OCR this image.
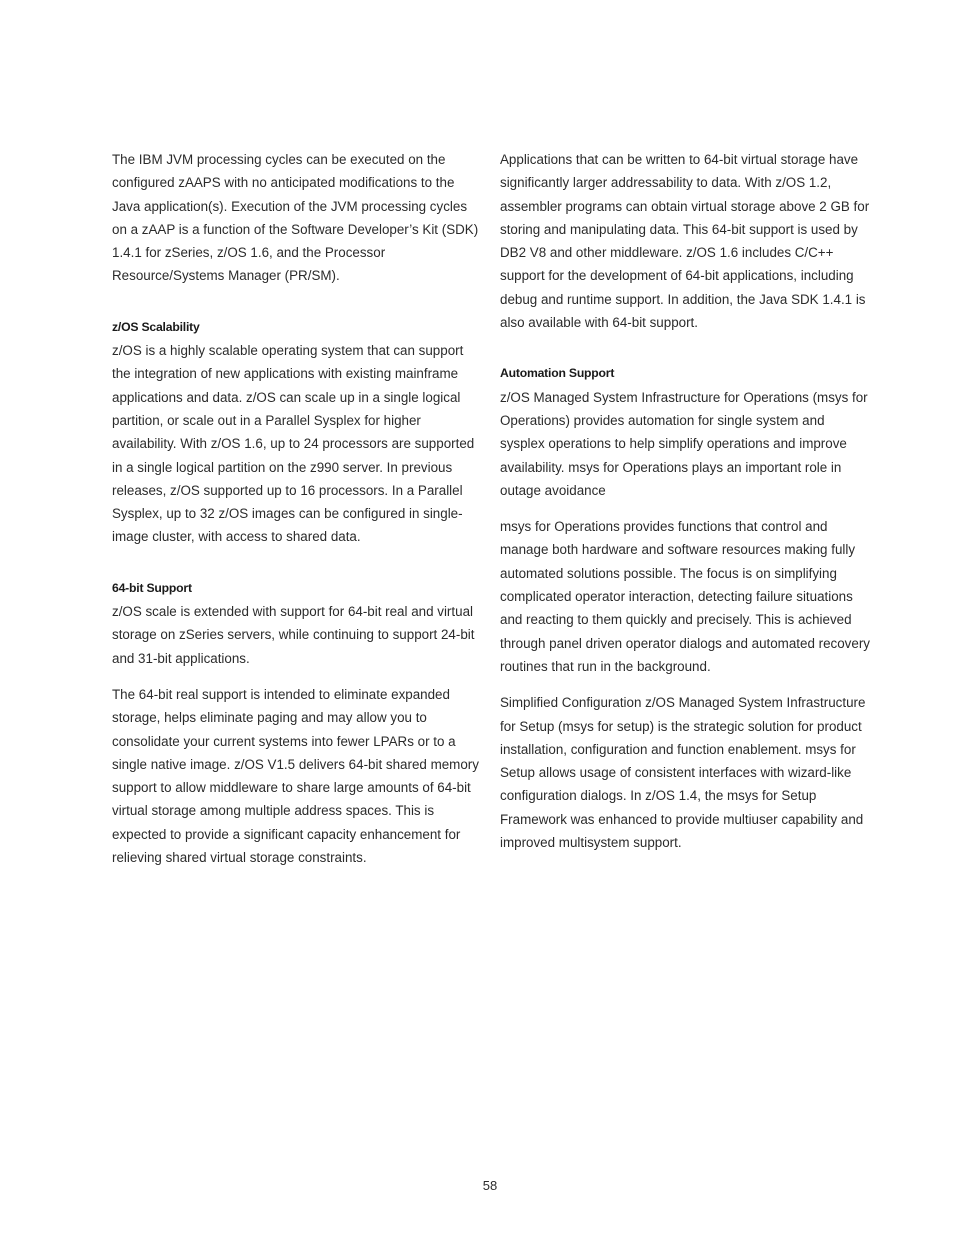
The IBM JVM processing cycles can be executed on the configured zAAPS with no anticipated modifications to the Java application(s). Execution of the JVM processing cycles on a zAAP is a function of the Software Developer’s Kit (SDK) 1.4.1 for zSeries, z/OS 1.6, and the Processor Resource/Systems Manager (PR/SM).

z/OS Scalability

z/OS is a highly scalable operating system that can support the integration of new applications with existing mainframe applications and data. z/OS can scale up in a single logical partition, or scale out in a Parallel Sysplex for higher availability. With z/OS 1.6, up to 24 processors are supported in a single logical partition on the z990 server. In previous releases, z/OS supported up to 16 processors. In a Parallel Sysplex, up to 32 z/OS images can be configured in single-image cluster, with access to shared data.

64-bit Support

z/OS scale is extended with support for 64-bit real and virtual storage on zSeries servers, while continuing to support 24-bit and 31-bit applications.

The 64-bit real support is intended to eliminate expanded storage, helps eliminate paging and may allow you to consolidate your current systems into fewer LPARs or to a single native image. z/OS V1.5 delivers 64-bit shared memory support to allow middleware to share large amounts of 64-bit virtual storage among multiple address spaces. This is expected to provide a significant capacity enhancement for relieving shared virtual storage constraints.

Applications that can be written to 64-bit virtual storage have significantly larger addressability to data. With z/OS 1.2, assembler programs can obtain virtual storage above 2 GB for storing and manipulating data. This 64-bit support is used by DB2 V8 and other middleware. z/OS 1.6 includes C/C++ support for the development of 64-bit applications, including debug and runtime support. In addition, the Java SDK 1.4.1 is also available with 64-bit support.

Automation Support

z/OS Managed System Infrastructure for Operations (msys for Operations) provides automation for single system and sysplex operations to help simplify operations and improve availability. msys for Operations plays an important role in outage avoidance

msys for Operations provides functions that control and manage both hardware and software resources making fully automated solutions possible. The focus is on simplifying complicated operator interaction, detecting failure situations and reacting to them quickly and precisely. This is achieved through panel driven operator dialogs and automated recovery routines that run in the background.

Simplified Configuration z/OS Managed System Infrastructure for Setup (msys for setup) is the strategic solution for product installation, configuration and function enablement. msys for Setup allows usage of consistent interfaces with wizard-like configuration dialogs. In z/OS 1.4, the msys for Setup Framework was enhanced to provide multiuser capability and improved multisystem support.

58
